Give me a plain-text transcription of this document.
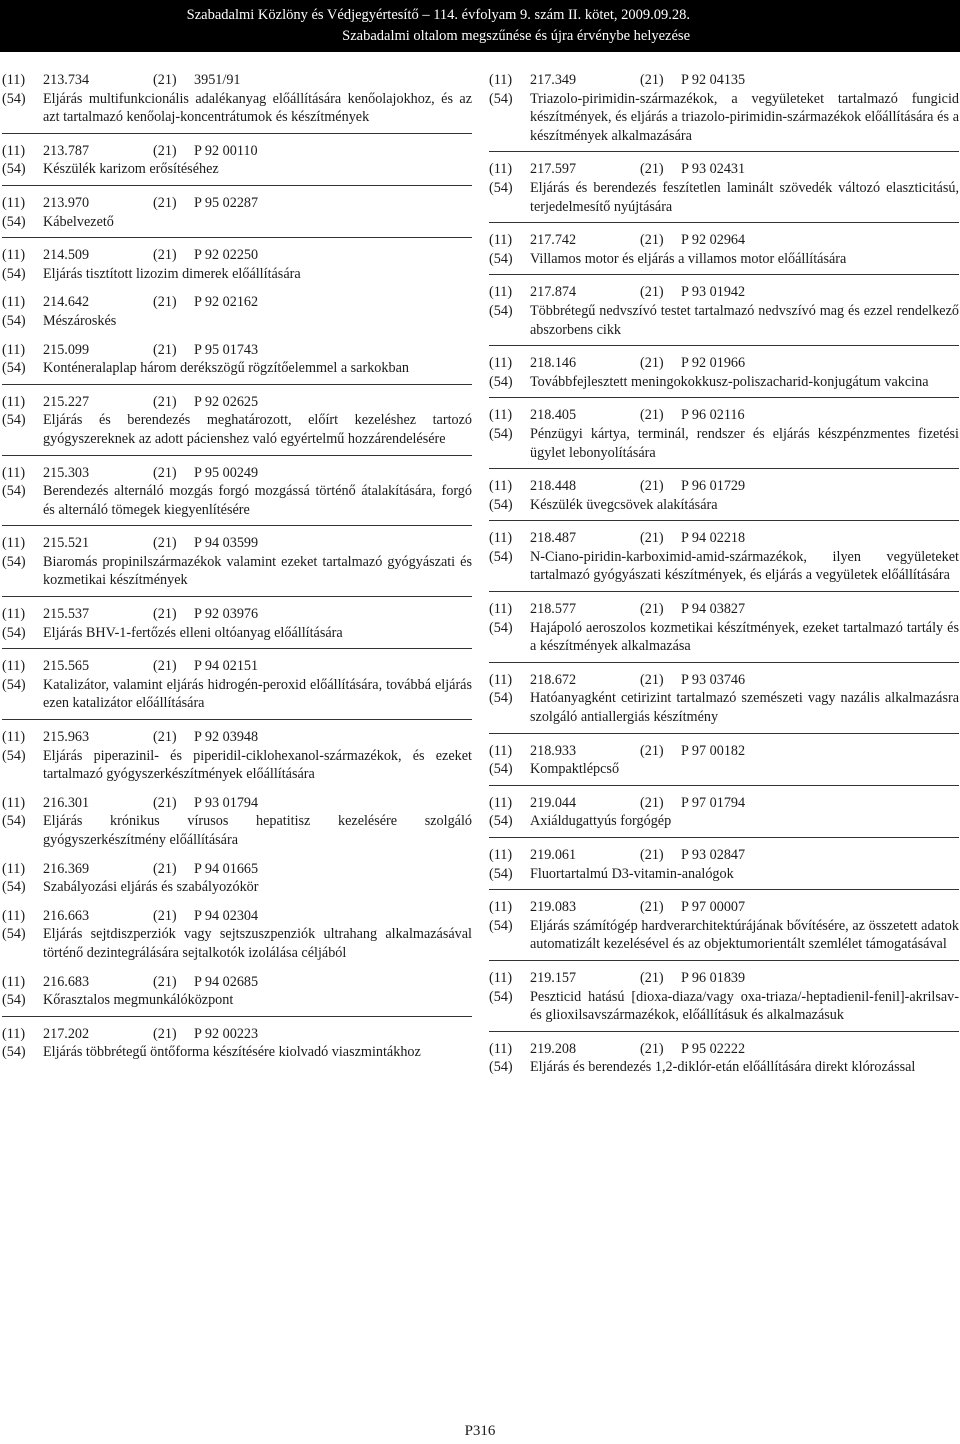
Szabadalmi Közlöny és Védjegyértesítő – 114. évfolyam 9. szám II. kötet, 2009.09.28.
Szabadalmi oltalom megszűnése és újra érvénybe helyezése
(11)	213.734	(21)	3951/91
(54)	Eljárás multifunkcionális adalékanyag előállítására kenőolajokhoz, és az azt tartalmazó kenőolaj-koncentrátumok és készítmények
(11)	213.787	(21)	P 92 00110
(54)	Készülék karizom erősítéséhez
(11)	213.970	(21)	P 95 02287
(54)	Kábelvezető
(11)	214.509	(21)	P 92 02250
(54)	Eljárás tisztított lizozim dimerek előállítására
(11)	214.642	(21)	P 92 02162
(54)	Mészároskés
(11)	215.099	(21)	P 95 01743
(54)	Konténeralaplap három derékszögű rögzítőelemmel a sarkokban
(11)	215.227	(21)	P 92 02625
(54)	Eljárás és berendezés meghatározott, előírt kezeléshez tartozó gyógyszereknek az adott pácienshez való egyértelmű hozzárendelésére
(11)	215.303	(21)	P 95 00249
(54)	Berendezés alternáló mozgás forgó mozgássá történő átalakítására, forgó és alternáló tömegek kiegyenlítésére
(11)	215.521	(21)	P 94 03599
(54)	Biaromás propinilszármazékok valamint ezeket tartalmazó gyógyászati és kozmetikai készítmények
(11)	215.537	(21)	P 92 03976
(54)	Eljárás BHV-1-fertőzés elleni oltóanyag előállítására
(11)	215.565	(21)	P 94 02151
(54)	Katalizátor, valamint eljárás hidrogén-peroxid előállítására, továbbá eljárás ezen katalizátor előállítására
(11)	215.963	(21)	P 92 03948
(54)	Eljárás piperazinil- és piperidil-ciklohexanol-származékok, és ezeket tartalmazó gyógyszerkészítmények előállítására
(11)	216.301	(21)	P 93 01794
(54)	Eljárás krónikus vírusos hepatitisz kezelésére szolgáló gyógyszerkészítmény előállítására
(11)	216.369	(21)	P 94 01665
(54)	Szabályozási eljárás és szabályozókör
(11)	216.663	(21)	P 94 02304
(54)	Eljárás sejtdiszperziók vagy sejtszuszpenziók ultrahang alkalmazásával történő dezintegrálására sejtalkotók izolálása céljából
(11)	216.683	(21)	P 94 02685
(54)	Kőrasztalos megmunkálóközpont
(11)	217.202	(21)	P 92 00223
(54)	Eljárás többrétegű öntőforma készítésére kiolvadó viaszmintákhoz
(11)	217.349	(21)	P 92 04135
(54)	Triazolo-pirimidin-származékok, a vegyületeket tartalmazó fungicid készítmények, és eljárás a triazolo-pirimidin-származékok előállítására és a készítmények alkalmazására
(11)	217.597	(21)	P 93 02431
(54)	Eljárás és berendezés feszítetlen laminált szövedék változó elaszticitású, terjedelmesítő nyújtására
(11)	217.742	(21)	P 92 02964
(54)	Villamos motor és eljárás a villamos motor előállítására
(11)	217.874	(21)	P 93 01942
(54)	Többrétegű nedvszívó testet tartalmazó nedvszívó mag és ezzel rendelkező abszorbens cikk
(11)	218.146	(21)	P 92 01966
(54)	Továbbfejlesztett meningokokkusz-poliszacharid-konjugátum vakcina
(11)	218.405	(21)	P 96 02116
(54)	Pénzügyi kártya, terminál, rendszer és eljárás készpénzmentes fizetési ügylet lebonyolítására
(11)	218.448	(21)	P 96 01729
(54)	Készülék üvegcsövek alakítására
(11)	218.487	(21)	P 94 02218
(54)	N-Ciano-piridin-karboximid-amid-származékok, ilyen vegyületeket tartalmazó gyógyászati készítmények, és eljárás a vegyületek előállítására
(11)	218.577	(21)	P 94 03827
(54)	Hajápoló aeroszolos kozmetikai készítmények, ezeket tartalmazó tartály és a készítmények alkalmazása
(11)	218.672	(21)	P 93 03746
(54)	Hatóanyagként cetirizint tartalmazó szemészeti vagy nazális alkalmazásra szolgáló antiallergiás készítmény
(11)	218.933	(21)	P 97 00182
(54)	Kompaktlépcső
(11)	219.044	(21)	P 97 01794
(54)	Axiáldugattyús forgógép
(11)	219.061	(21)	P 93 02847
(54)	Fluortartalmú D3-vitamin-analógok
(11)	219.083	(21)	P 97 00007
(54)	Eljárás számítógép hardverarchitektúrájának bővítésére, az összetett adatok automatizált kezelésével és az objektumorientált szemlélet támogatásával
(11)	219.157	(21)	P 96 01839
(54)	Peszticid hatású [dioxa-diaza/vagy oxa-triaza/-heptadienil-fenil]-akrilsav- és glioxilsavszármazékok, előállításuk és alkalmazásuk
(11)	219.208	(21)	P 95 02222
(54)	Eljárás és berendezés 1,2-diklór-etán előállítására direkt klórozással
P316
